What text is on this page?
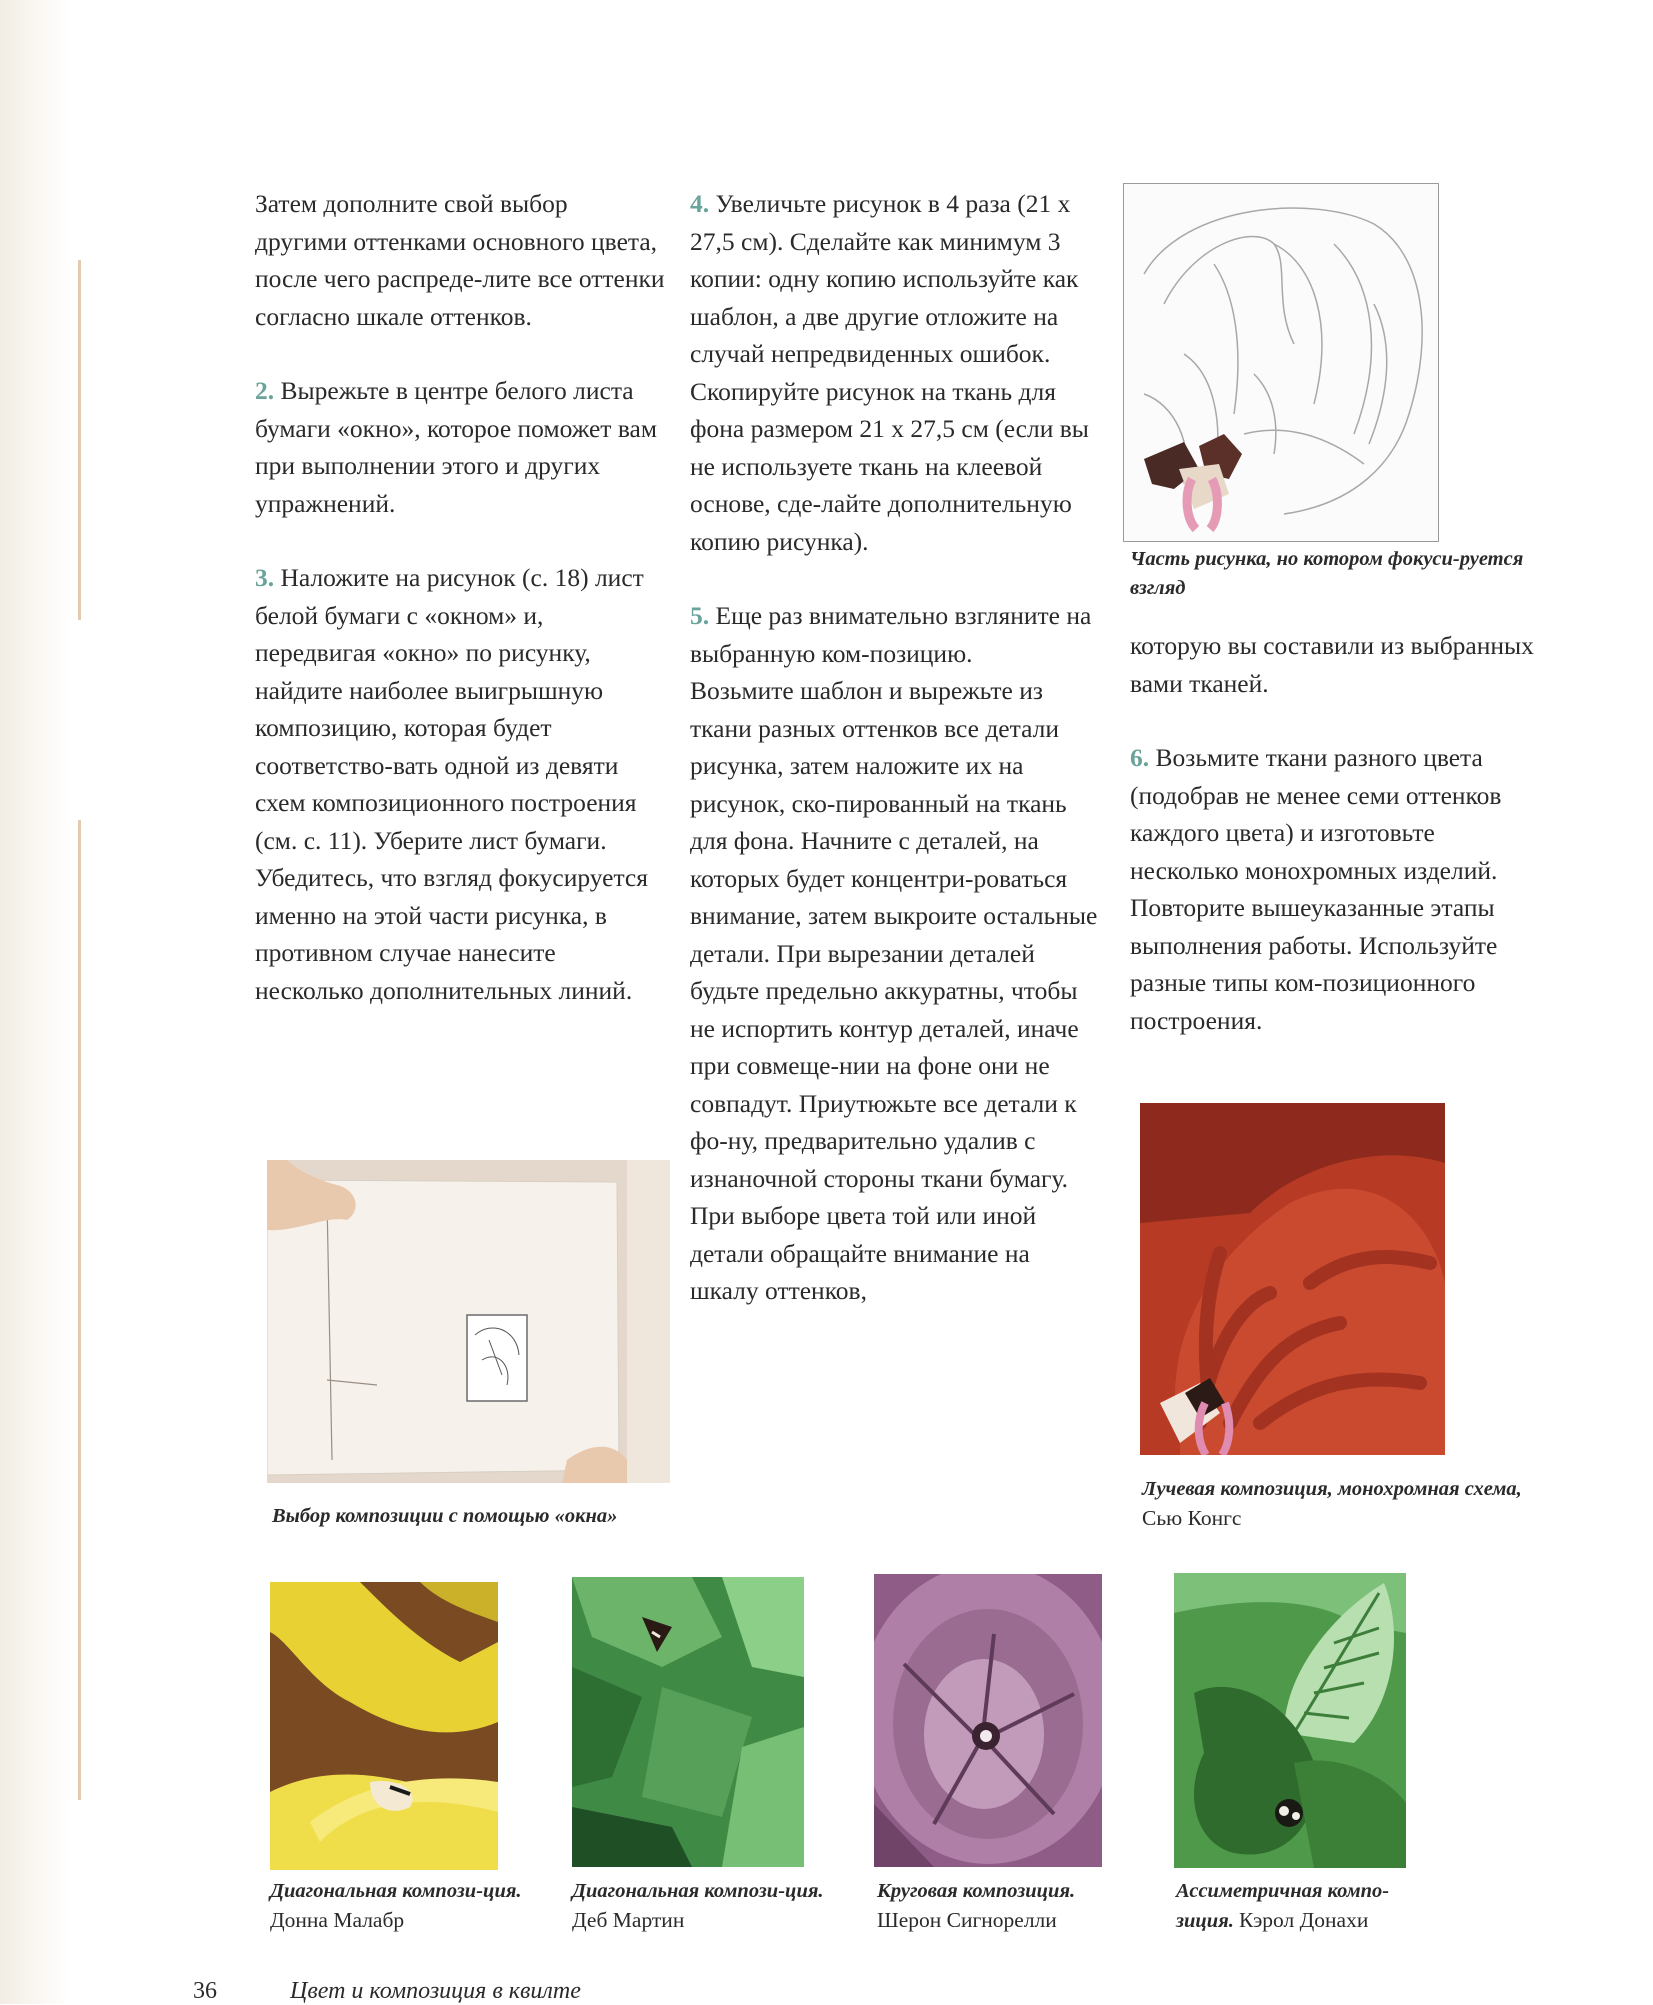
Затем дополните свой выбор другими оттенками основного цвета, после чего распреде-лите все оттенки согласно шкале оттенков.

2. Вырежьте в центре белого листа бумаги «окно», которое поможет вам при выполнении этого и других упражнений.

3. Наложите на рисунок (с. 18) лист белой бумаги с «окном» и, передвигая «окно» по рисунку, найдите наиболее выигрышную композицию, которая будет соответство-вать одной из девяти схем композиционного построения (см. с. 11). Уберите лист бумаги. Убедитесь, что взгляд фокусируется именно на этой части рисунка, в противном случае нанесите несколько дополнительных линий.

4. Увеличьте рисунок в 4 раза (21 x 27,5 см). Сделайте как минимум 3 копии: одну копию используйте как шаблон, а две другие отложите на случай непредвиденных ошибок. Скопируйте рисунок на ткань для фона размером 21 x 27,5 см (если вы не используете ткань на клеевой основе, сде-лайте дополнительную копию рисунка).

5. Еще раз внимательно взгляните на выбранную ком-позицию.

Возьмите шаблон и вырежьте из ткани разных оттенков все детали рисунка, затем наложите их на рисунок, ско-пированный на ткань для фона. Начните с деталей, на которых будет концентри-роваться внимание, затем выкроите остальные детали. При вырезании деталей будьте предельно аккуратны, чтобы не испортить контур деталей, иначе при совмеще-нии на фоне они не совпадут. Приутюжьте все детали к фо-ну, предварительно удалив с изнаночной стороны ткани бумагу. При выборе цвета той или иной детали обращайте внимание на шкалу оттенков,

Часть рисунка, но котором фокуси-руется взгляд

которую вы составили из выбранных вами тканей.

6. Возьмите ткани разного цвета (подобрав не менее семи оттенков каждого цвета) и изготовьте несколько монохромных изделий. Повторите вышеуказанные этапы выполнения работы. Используйте разные типы ком-позиционного построения.

Выбор композиции с помощью «окна»
Лучевая композиция, монохромная схема, Сью Конгс
Диагональная компози-ция. Донна Малабр
Диагональная компози-ция. Деб Мартин
Круговая композиция.
Шерон Сигнорелли
Ассиметричная компо-зиция. Кэрол Донахи
36	Цвет и композиция в квилте
